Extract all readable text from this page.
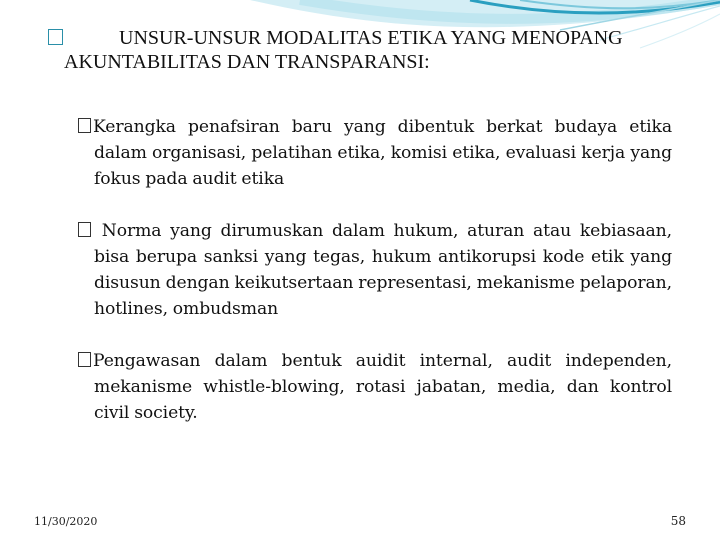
UNSUR-UNSUR MODALITAS ETIKA YANG MENOPANG
AKUNTABILITAS DAN TRANSPARANSI:

Kerangka penafsiran baru yang dibentuk berkat budaya etika dalam organisasi, pelatihan etika, komisi etika, evaluasi kerja yang fokus pada audit etika

Norma yang dirumuskan dalam hukum, aturan atau kebiasaan, bisa berupa sanksi yang tegas, hukum antikorupsi kode etik yang disusun dengan keikutsertaan representasi, mekanisme pelaporan, hotlines, ombudsman

Pengawasan dalam bentuk auidit internal, audit independen, mekanisme whistle-blowing, rotasi jabatan, media, dan kontrol civil society.

11/30/2020	58
